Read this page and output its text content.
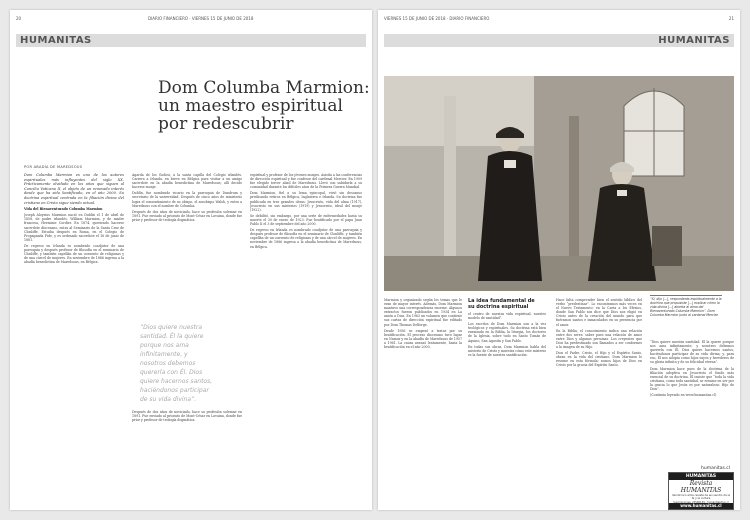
20	DIARIO FINANCIERO · VIERNES 15 DE JUNIO DE 2018
HUMANITAS
Dom Columba Marmion:
un maestro espiritual
por redescubrir
POR ABADÍA DE MAREDSOUS

Dom Columba Marmion es uno de los autores espirituales más influyentes del siglo XX. Prácticamente olvidado en los años que siguen al Concilio Vaticano II, el objeto de un renovado interés desde que ha sido beatificado, en el año 2000. Su doctrina espiritual centrada en la filiación divina del cristiano en Cristo sigue siendo actual.

Vida del Bienaventurado Columba Marmion

Joseph Aloysius Marmion nació en Dublín el 1 de abril de 1858, de padre irlandés, William Marmion, y de madre francesa, Herminie Cordier. En 1874, queriendo hacerse sacerdote diocesano, entra al Seminario de la Santa Cruz de Clonliffe. Estudia después en Roma, en el Colegio de Propaganda Fide, y es ordenado sacerdote el 16 de junio de 1881.

De regreso en Irlanda es nombrado coadjutor de una parroquia y después profesor de filosofía en el seminario de Clonliffe, y también capellán de un convento de religiosas y de una cárcel de mujeres. En noviembre de 1886 ingresa a la abadía benedictina de Maredsous, en Bélgica.

Agarda de los Godosi, a la santa capilla del Colegio irlandés. Carrera a Irlanda, en breve en Bélgica para visitar a un amigo sacerdote en la abadía benedictina de Maredsous; allí decide hacerse monje.

Dublín, fue nombrado vicario en la parroquia de Dundrum y secretario de la universidad. Después de cinco años de ministerio logra el consentimiento de su obispo, el arzobispo Walsh, y entra a Maredsous con el nombre de Columba.

Después de dos años de noviciado, hace su profesión solemne en 1891. Fue enviado al priorato de Mont-César en Lovaina, donde fue prior y profesor de teología dogmática.

“Dios quiere nuestra santidad. Él la quiere porque nos ama infinitamente, y nosotros debemos quererla con Él. Dios quiere hacernos santos, haciéndonos participar de su vida divina”.

Después de dos años de noviciado, hace su profesión solemne en 1891. Fue enviado al priorato de Mont-César en Lovaina, donde fue prior y profesor de teología dogmática.

espiritual y profesor de los jóvenes monjes. Asistía a las conferencias de dirección espiritual y fue confesor del cardenal Mercier. En 1909 fue elegido tercer abad de Maredsous. Llevó con sabiduría a su comunidad durante los difíciles años de la Primera Guerra Mundial.

Dom Marmion, fiel a su lema episcopal, vivió sin descanso predicando retiros en Bélgica, Inglaterra e Irlanda. Su doctrina fue publicada en tres grandes obras: Jesucristo, vida del alma (1917), Jesucristo en sus misterios (1919) y Jesucristo, ideal del monje (1922).

Se debilitó, sin embargo, por una serie de enfermedades hasta su muerte el 30 de enero de 1923. Fue beatificado por el papa Juan Pablo II el 3 de septiembre del año 2000.

De regreso en Irlanda es nombrado coadjutor de una parroquia y después profesor de filosofía en el seminario de Clonliffe, y también capellán de un convento de religiosas y de una cárcel de mujeres. En noviembre de 1886 ingresa a la abadía benedictina de Maredsous, en Bélgica.

VIERNES 15 DE JUNIO DE 2018 · DIARIO FINANCIERO	21
HUMANITAS

Marmion y organizado según los temas que le eran de mayor interés. Además, Dom Marmion mantuvo una correspondencia enorme. Algunos extractos fueron publicados en 1934 en La unión a Dios. En 1963 un volumen que contiene sus cartas de dirección espiritual fue editado por Dom Thomas Delforge.

Desde 1956 se empezó a tratar por su beatificación. El proceso diocesano tuvo lugar en Namur y en la abadía de Maredsous de 1957 a 1961. La causa avanzó lentamente, hasta la beatificación en el año 2000.

La idea fundamental de su doctrina espiritual

el centro de nuestra vida espiritual, nuestro modelo de santidad”.

Los escritos de Dom Marmion son a la vez teológicos y espirituales. Su doctrina está bien enraizada en la Biblia, la liturgia, los doctores de la Iglesia, sobre todo en Santo Tomás de Aquino, San Agustín y San Pablo.

En todas sus obras, Dom Marmion habla del misterio de Cristo y muestra cómo este misterio es la fuente de nuestra santificación.

“Sí, dijo [...], responderás espiritualmente a la doctrina que propusiste [...] explicar cómo la vida divina [...] abierta al alma del Bienaventurado Columba Marmion”. Dom Columba Marmion junto al cardenal Mercier.

Hace falta comprender bien el sentido bíblico del verbo “predestinar”. Lo encontramos más veces en el Nuevo Testamento: en la Carta a los Efesios, donde San Pablo nos dice que Dios nos eligió en Cristo antes de la creación del mundo para que fuéramos santos e inmaculados en su presencia por el amor.

En la Biblia, el conocimiento indica una relación entre dos seres: saber pues una relación de amor entre Dios y algunas personas. Los creyentes que Dios ha predestinado son llamados a ser conformes a la imagen de su Hijo.

Dios el Padre, Cristo, el Hijo y el Espíritu Santo, obran en la vida del cristiano. Dom Marmion lo resume en esta fórmula: somos hijos de Dios en Cristo por la gracia del Espíritu Santo.

“Dios quiere nuestra santidad. Él la quiere porque nos ama infinitamente, y nosotros debemos quererla con Él. Dios quiere hacernos santos, haciéndonos participar de su vida divina; y, para eso, Él nos adopta como hijos suyos y herederos de su gloria infinita y de su felicidad eterna”.

Dom Marmion hace pues de la doctrina de la filiación adoptiva en Jesucristo el fondo más esencial de su doctrina. El insiste que “toda la vida cristiana, como toda santidad, se resume en ser por la gracia lo que Jesús es por naturaleza: Hijo de Dios”.

(Continúa leyendo en www.humanitas.cl)

humanitas.cl
HUMANITAS
Revista HUMANITAS
Veinticinco años revista de encuentro de la fe y la cultura
www.humanitas.cl
